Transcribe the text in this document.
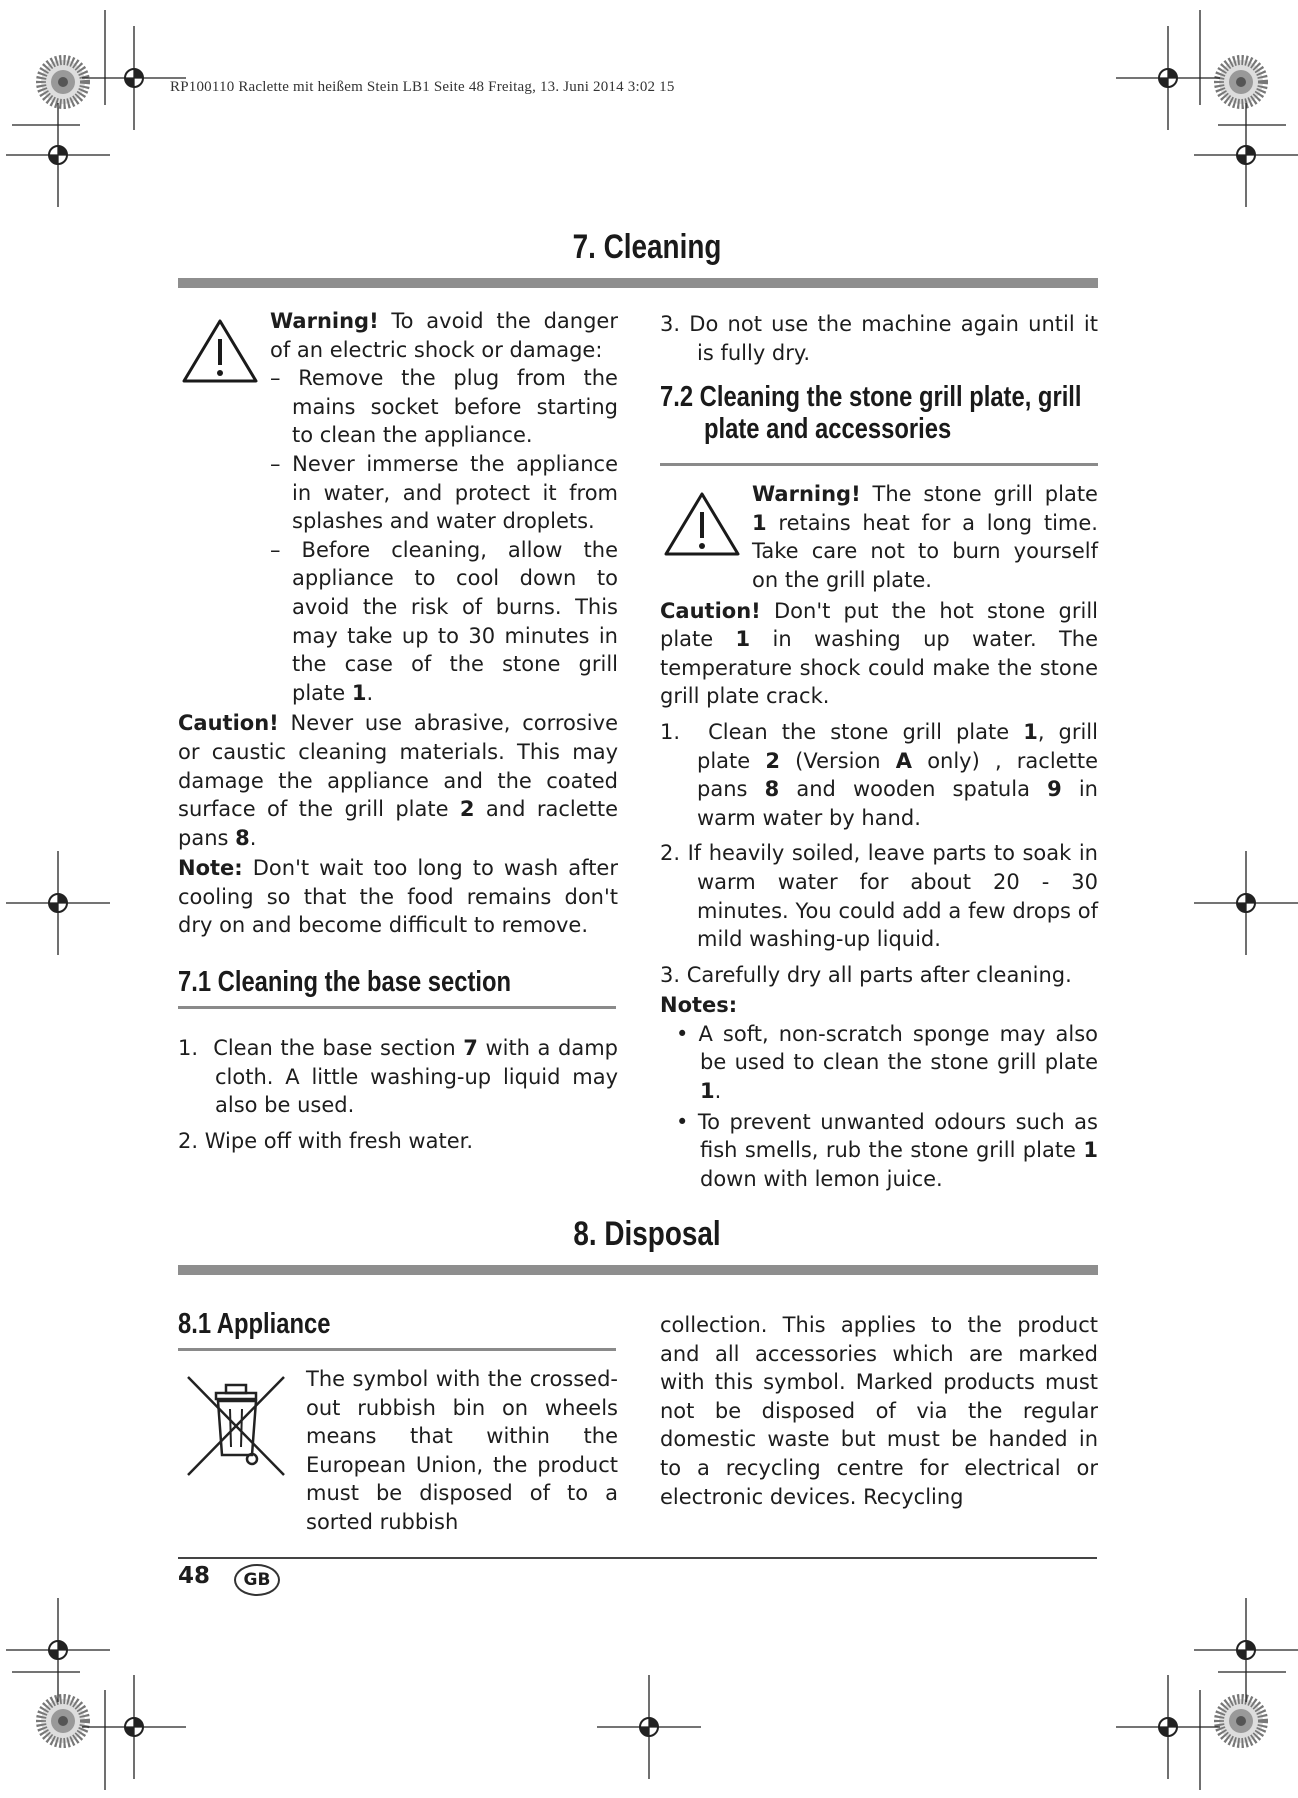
RP100110 Raclette mit heißem Stein LB1 Seite 48 Freitag, 13. Juni 2014 3:02 15
7. Cleaning

Warning! To avoid the danger of an electric shock or damage:

– Remove the plug from the mains socket before starting to clean the appliance.

– Never immerse the appliance in water, and protect it from splashes and water droplets.

– Before cleaning, allow the appliance to cool down to avoid the risk of burns. This may take up to 30 minutes in the case of the stone grill plate 1.

Caution! Never use abrasive, corrosive or caustic cleaning materials. This may damage the appliance and the coated surface of the grill plate 2 and raclette pans 8.

Note: Don't wait too long to wash after cooling so that the food remains don't dry on and become difficult to remove.

7.1 Cleaning the base section

1. Clean the base section 7 with a damp cloth. A little washing-up liquid may also be used.

2. Wipe off with fresh water.

3. Do not use the machine again until it is fully dry.

7.2 Cleaning the stone grill plate, grill
plate and accessories

Warning! The stone grill plate 1 retains heat for a long time. Take care not to burn yourself on the grill plate.

Caution! Don't put the hot stone grill plate 1 in washing up water. The temperature shock could make the stone grill plate crack.

1. Clean the stone grill plate 1, grill plate 2 (Version A only) , raclette pans 8 and wooden spatula 9 in warm water by hand.

2. If heavily soiled, leave parts to soak in warm water for about 20 - 30 minutes. You could add a few drops of mild washing-up liquid.

3. Carefully dry all parts after cleaning.

Notes:

• A soft, non-scratch sponge may also be used to clean the stone grill plate 1.

• To prevent unwanted odours such as fish smells, rub the stone grill plate 1 down with lemon juice.

8. Disposal
8.1 Appliance

The symbol with the crossed-out rubbish bin on wheels means that within the European Union, the product must be disposed of to a sorted rubbish

collection. This applies to the product and all accessories which are marked with this symbol. Marked products must not be disposed of via the regular domestic waste but must be handed in to a recycling centre for electrical or electronic devices. Recycling

48	GB
